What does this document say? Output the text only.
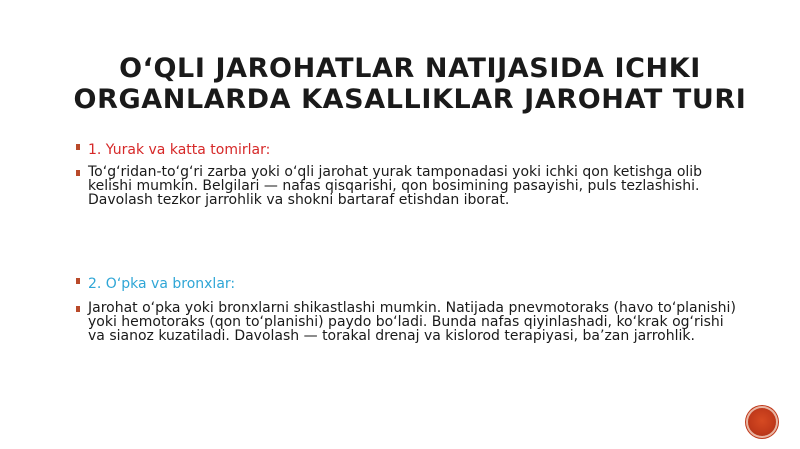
O‘QLI JAROHATLAR NATIJASIDA ICHKI ORGANLARDA KASALLIKLAR JAROHAT TURI
1. Yurak va katta tomirlar:
To‘g‘ridan-to‘g‘ri zarba yoki o‘qli jarohat yurak tamponadasi yoki ichki qon ketishga olib kelishi mumkin. Belgilari — nafas qisqarishi, qon bosimining pasayishi, puls tezlashishi. Davolash tezkor jarrohlik va shokni bartaraf etishdan iborat.
2. O‘pka va bronxlar:
Jarohat o‘pka yoki bronxlarni shikastlashi mumkin. Natijada pnevmotoraks (havo to‘planishi) yoki hemotoraks (qon to‘planishi) paydo bo‘ladi. Bunda nafas qiyinlashadi, ko‘krak og‘rishi va sianoz kuzatiladi. Davolash — torakal drenaj va kislorod terapiyasi, ba’zan jarrohlik.
